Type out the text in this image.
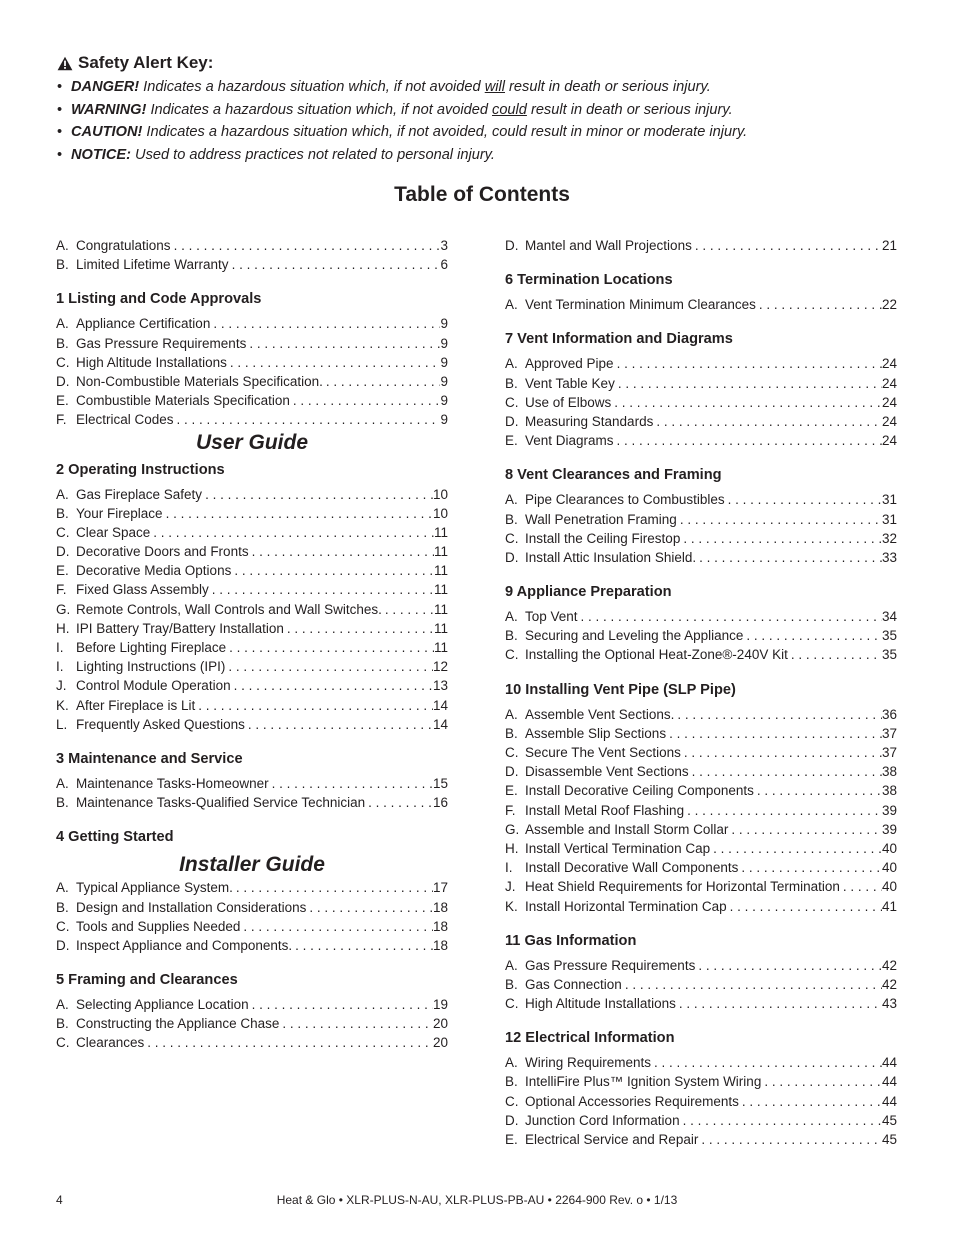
Safety Alert Key:
• DANGER! Indicates a hazardous situation which, if not avoided will result in death or serious injury.
• WARNING! Indicates a hazardous situation which, if not avoided could result in death or serious injury.
• CAUTION! Indicates a hazardous situation which, if not avoided, could result in minor or moderate injury.
• NOTICE: Used to address practices not related to personal injury.
Table of Contents
A. Congratulations . . .	3
B. Limited Lifetime Warranty . . .	6
1 Listing and Code Approvals
A. Appliance Certification . . .	9
B. Gas Pressure Requirements . . .	9
C. High Altitude Installations . . .	9
D. Non-Combustible Materials Specification. . . .	9
E. Combustible Materials Specification . . .	9
F. Electrical Codes . . .	9
User Guide
2 Operating Instructions
A. Gas Fireplace Safety . . .	10
B. Your Fireplace . . .	10
C. Clear Space . . .	11
D. Decorative Doors and Fronts . . .	11
E. Decorative Media Options . . .	11
F. Fixed Glass Assembly . . .	11
G. Remote Controls, Wall Controls and Wall Switches. . . .	11
H. IPI Battery Tray/Battery Installation . . .	11
I. Before Lighting Fireplace . . .	11
I. Lighting Instructions (IPI) . . .	12
J. Control Module Operation . . .	13
K. After Fireplace is Lit . . .	14
L. Frequently Asked Questions . . .	14
3 Maintenance and Service
A. Maintenance Tasks-Homeowner . . .	15
B. Maintenance Tasks-Qualified Service Technician . . .	16
4 Getting Started
Installer Guide
A. Typical Appliance System. . . .	17
B. Design and Installation Considerations . . .	18
C. Tools and Supplies Needed . . .	18
D. Inspect Appliance and Components. . . .	18
5 Framing and Clearances
A. Selecting Appliance Location . . .	19
B. Constructing the Appliance Chase . . .	20
C. Clearances . . .	20
D. Mantel and Wall Projections . . .	21
6 Termination Locations
A. Vent Termination Minimum Clearances . . .	22
7 Vent Information and Diagrams
A. Approved Pipe . . .	24
B. Vent Table Key . . .	24
C. Use of Elbows . . .	24
D. Measuring Standards . . .	24
E. Vent Diagrams . . .	24
8 Vent Clearances and Framing
A. Pipe Clearances to Combustibles . . .	31
B. Wall Penetration Framing . . .	31
C. Install the Ceiling Firestop . . .	32
D. Install Attic Insulation Shield. . . .	33
9 Appliance Preparation
A. Top Vent . . .	34
B. Securing and Leveling the Appliance . . .	35
C. Installing the Optional Heat-Zone®-240V Kit . . .	35
10 Installing Vent Pipe (SLP Pipe)
A. Assemble Vent Sections. . . .	36
B. Assemble Slip Sections . . .	37
C. Secure The Vent Sections . . .	37
D. Disassemble Vent Sections . . .	38
E. Install Decorative Ceiling Components . . .	38
F. Install Metal Roof Flashing . . .	39
G. Assemble and Install Storm Collar . . .	39
H. Install Vertical Termination Cap . . .	40
I. Install Decorative Wall Components . . .	40
J. Heat Shield Requirements for Horizontal Termination . . .	40
K. Install Horizontal Termination Cap . . .	41
11 Gas Information
A. Gas Pressure Requirements . . .	42
B. Gas Connection . . .	42
C. High Altitude Installations . . .	43
12 Electrical Information
A. Wiring Requirements . . .	44
B. IntelliFire Plus™ Ignition System Wiring . . .	44
C. Optional Accessories Requirements . . .	44
D. Junction Cord Information . . .	45
E. Electrical Service and Repair . . .	45
4	Heat & Glo • XLR-PLUS-N-AU, XLR-PLUS-PB-AU • 2264-900 Rev. o • 1/13
